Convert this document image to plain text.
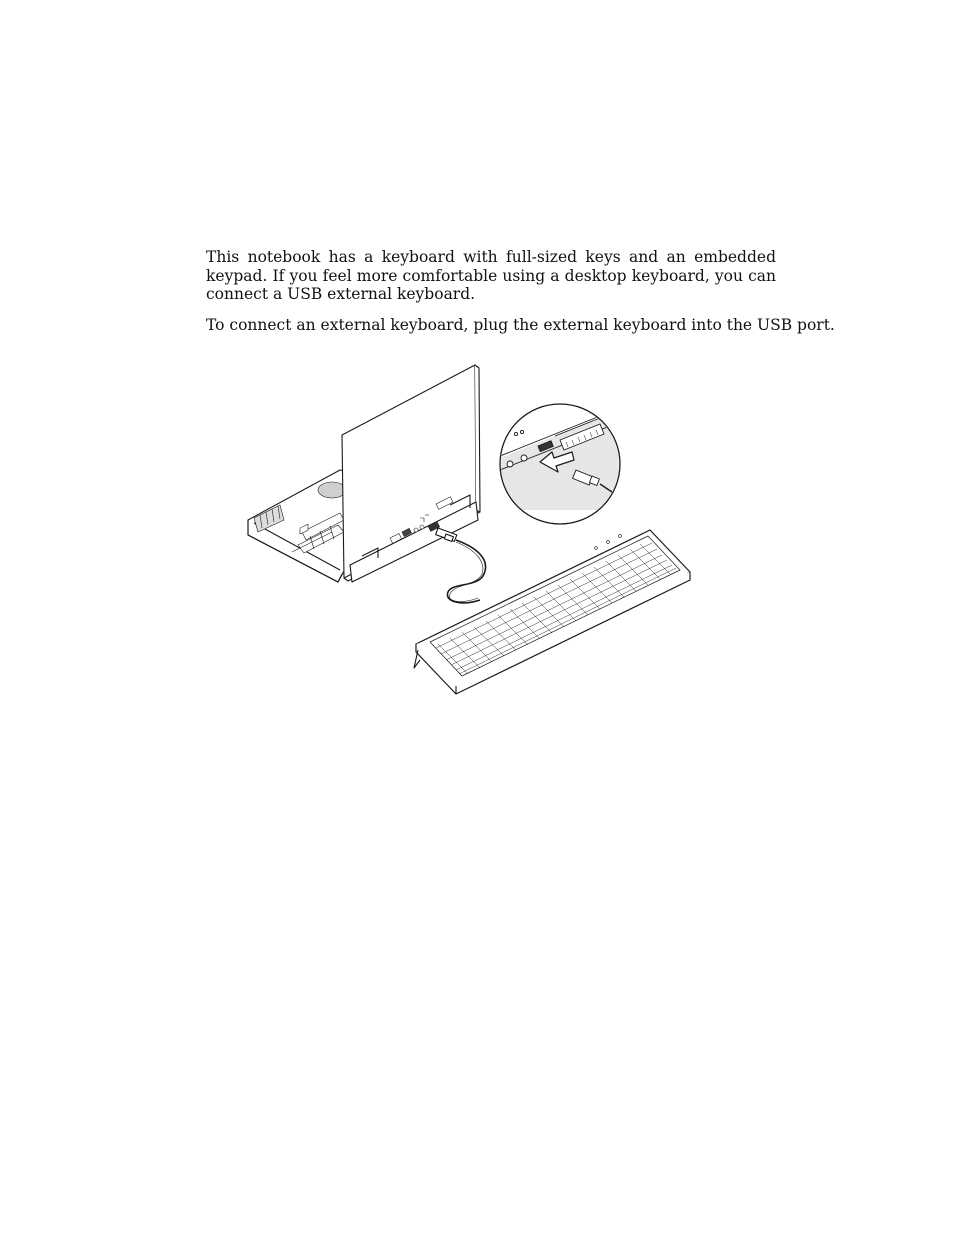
This notebook has a keyboard with full-sized keys and an embedded keypad. If you feel more comfortable using a desktop keyboard, you can connect a USB external keyboard.

To connect an external keyboard, plug the external keyboard into the USB port.
